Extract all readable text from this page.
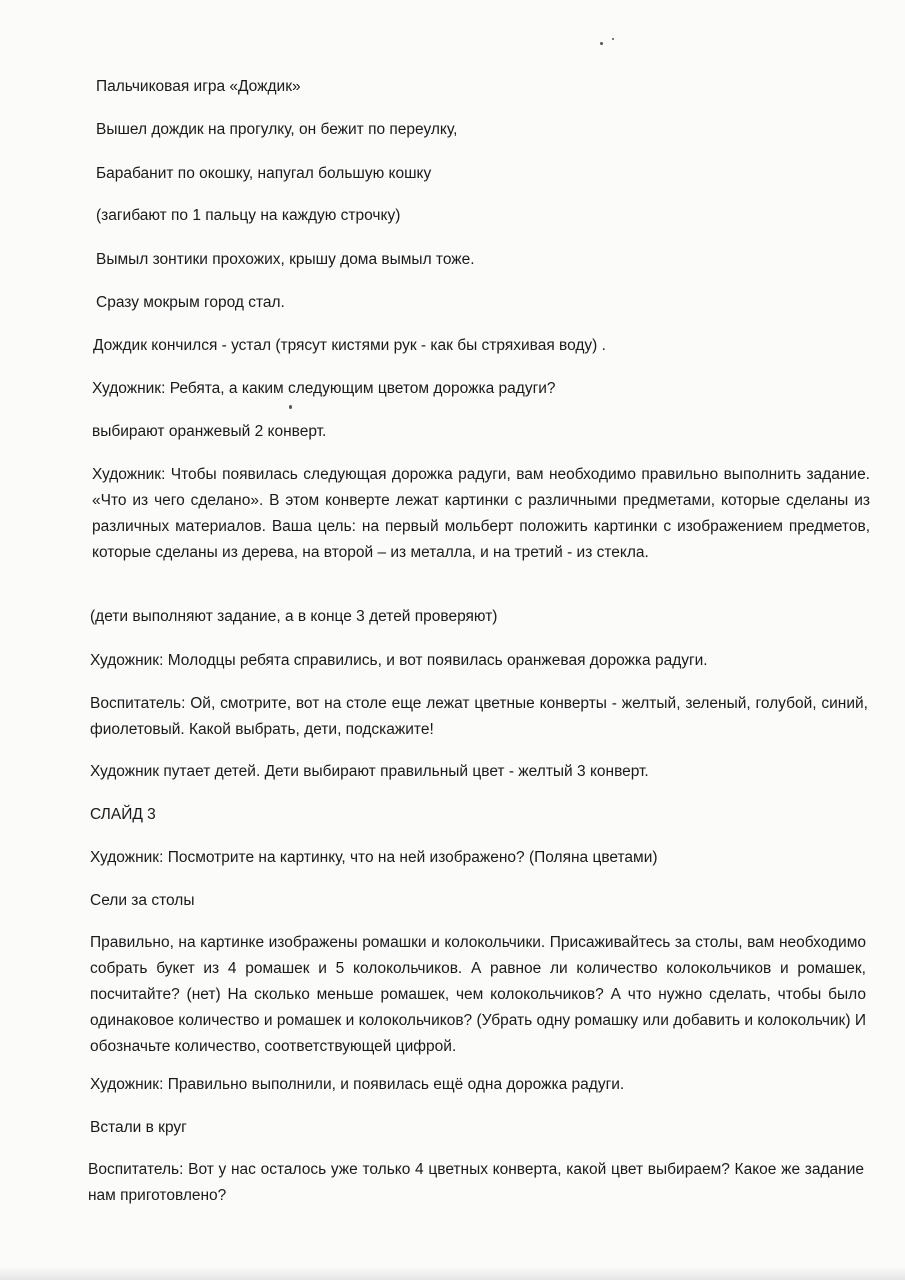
Пальчиковая игра «Дождик»

Вышел дождик на прогулку, он бежит по переулку,

Барабанит по окошку, напугал большую кошку

(загибают по 1 пальцу на каждую строчку)

Вымыл зонтики прохожих, крышу дома вымыл тоже.

Сразу мокрым город стал.

Дождик кончился - устал (трясут кистями рук - как бы стряхивая воду) .

Художник: Ребята, а каким следующим цветом дорожка радуги?

выбирают оранжевый 2 конверт.

Художник: Чтобы появилась следующая дорожка радуги, вам необходимо правильно выполнить задание. «Что из чего сделано». В этом конверте лежат картинки с различными предметами, которые сделаны из различных материалов. Ваша цель: на первый мольберт положить картинки с изображением предметов, которые сделаны из дерева, на второй – из металла, и на третий - из стекла.

(дети выполняют задание, а в конце 3 детей проверяют)

Художник: Молодцы ребята справились, и вот появилась оранжевая дорожка радуги.

Воспитатель: Ой, смотрите, вот на столе еще лежат цветные конверты - желтый, зеленый, голубой, синий, фиолетовый. Какой выбрать, дети, подскажите!

Художник путает детей. Дети выбирают правильный цвет - желтый 3 конверт.

СЛАЙД 3

Художник: Посмотрите на картинку, что на ней изображено? (Поляна цветами)

Сели за столы

Правильно, на картинке изображены ромашки и колокольчики. Присаживайтесь за столы, вам необходимо собрать букет из 4 ромашек и 5 колокольчиков. А равное ли количество колокольчиков и ромашек, посчитайте? (нет) На сколько меньше ромашек, чем колокольчиков? А что нужно сделать, чтобы было одинаковое количество и ромашек и колокольчиков? (Убрать одну ромашку или добавить и колокольчик) И обозначьте количество, соответствующей цифрой.

Художник: Правильно выполнили, и появилась ещё одна дорожка радуги.

Встали в круг

Воспитатель: Вот у нас осталось уже только 4 цветных конверта, какой цвет выбираем? Какое же задание нам приготовлено?
